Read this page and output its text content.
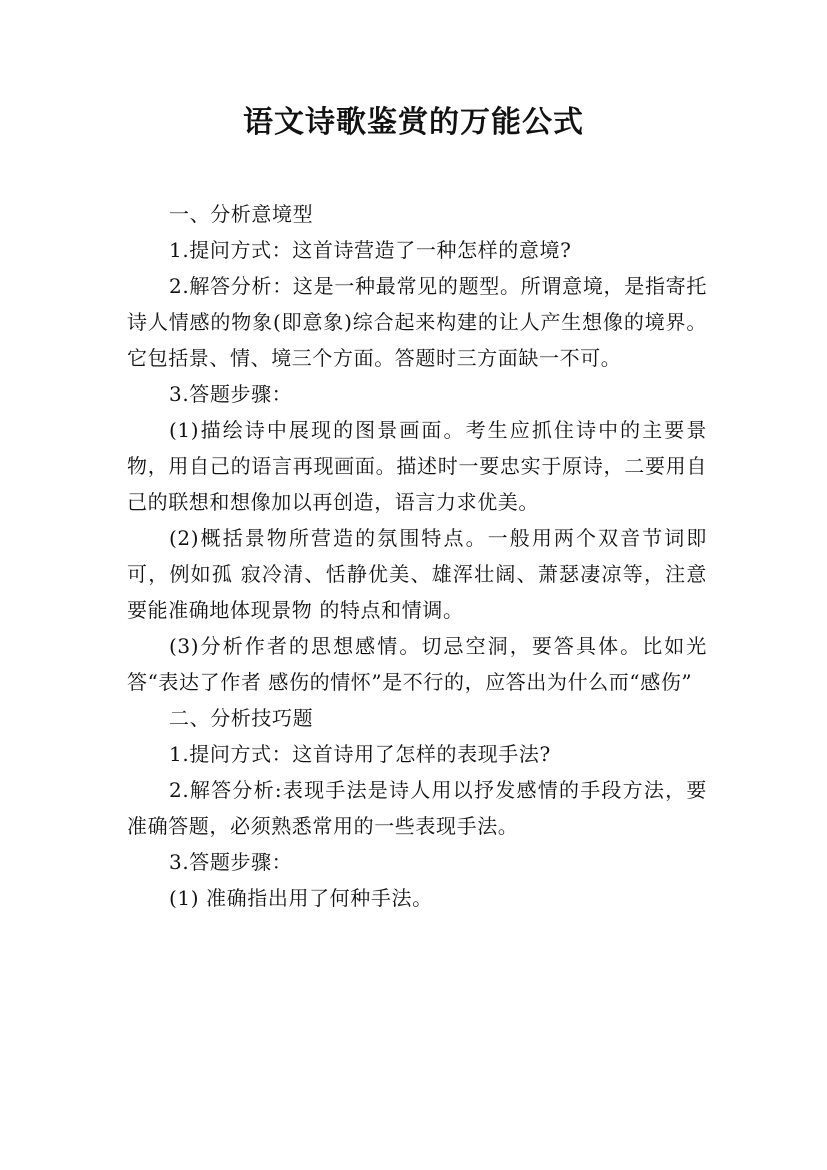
语文诗歌鉴赏的万能公式

一、分析意境型

1.提问方式：这首诗营造了一种怎样的意境?

2.解答分析：这是一种最常见的题型。所谓意境，是指寄托诗人情感的物象(即意象)综合起来构建的让人产生想像的境界。它包括景、情、境三个方面。答题时三方面缺一不可。

3.答题步骤：

(1)描绘诗中展现的图景画面。考生应抓住诗中的主要景物，用自己的语言再现画面。描述时一要忠实于原诗，二要用自己的联想和想像加以再创造，语言力求优美。

(2)概括景物所营造的氛围特点。一般用两个双音节词即可，例如孤 寂冷清、恬静优美、雄浑壮阔、萧瑟凄凉等，注意要能准确地体现景物 的特点和情调。

(3)分析作者的思想感情。切忌空洞，要答具体。比如光答“表达了作者 感伤的情怀”是不行的，应答出为什么而“感伤”

二、分析技巧题

1.提问方式：这首诗用了怎样的表现手法?

2.解答分析:表现手法是诗人用以抒发感情的手段方法，要准确答题，必须熟悉常用的一些表现手法。

3.答题步骤：

(1) 准确指出用了何种手法。
